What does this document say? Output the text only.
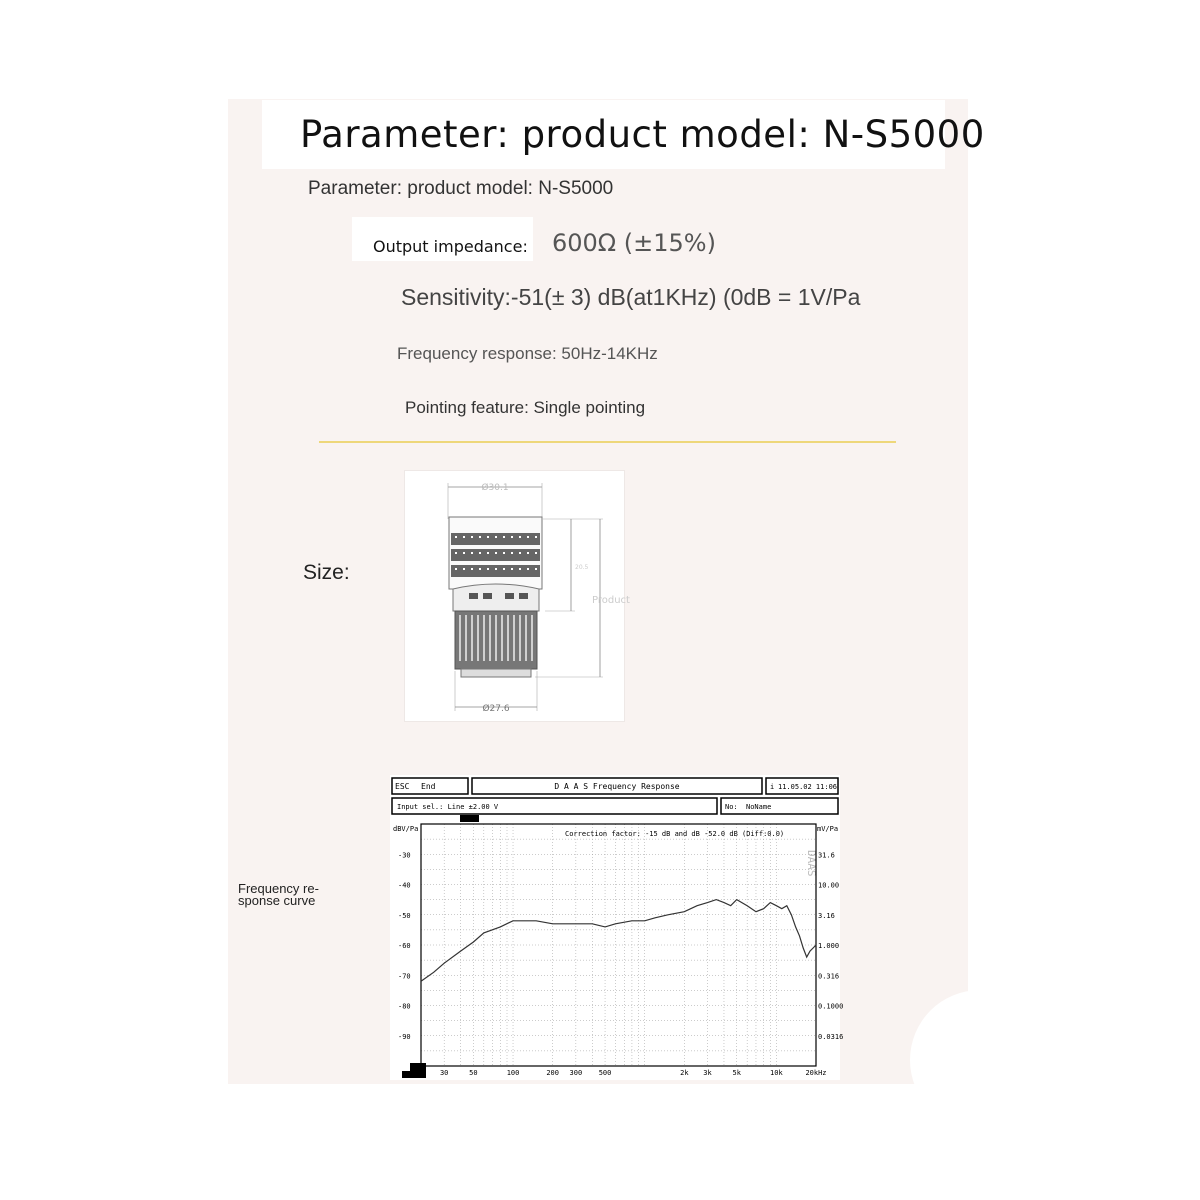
Parameter: product model: N-S5000
Parameter: product model: N-S5000
Output impedance: 600Ω (±15%)
Sensitivity:-51(± 3) dB(at1KHz) (0dB = 1V/Pa
Frequency response: 50Hz-14KHz
Pointing feature: Single pointing
Size:
Ø30.1
20.5
Product
Ø27.6
Frequency re-
sponse curve
ESC End	D A A S Frequency Response	i 11.05.02 11:06
Input sel.: Line ±2.00 V	No: NoName
dBV/Pa	mV/Pa
Correction factor: -15 dB and dB -52.0 dB (Diff:0.0)
DAAS
-30	31.6
-40	10.00
-50	3.16
-60	1.000
-70	0.316
-80	0.1000
-90	0.0316
30	50	100	200 300 500	2k 3k	5k	10k	20kHz
